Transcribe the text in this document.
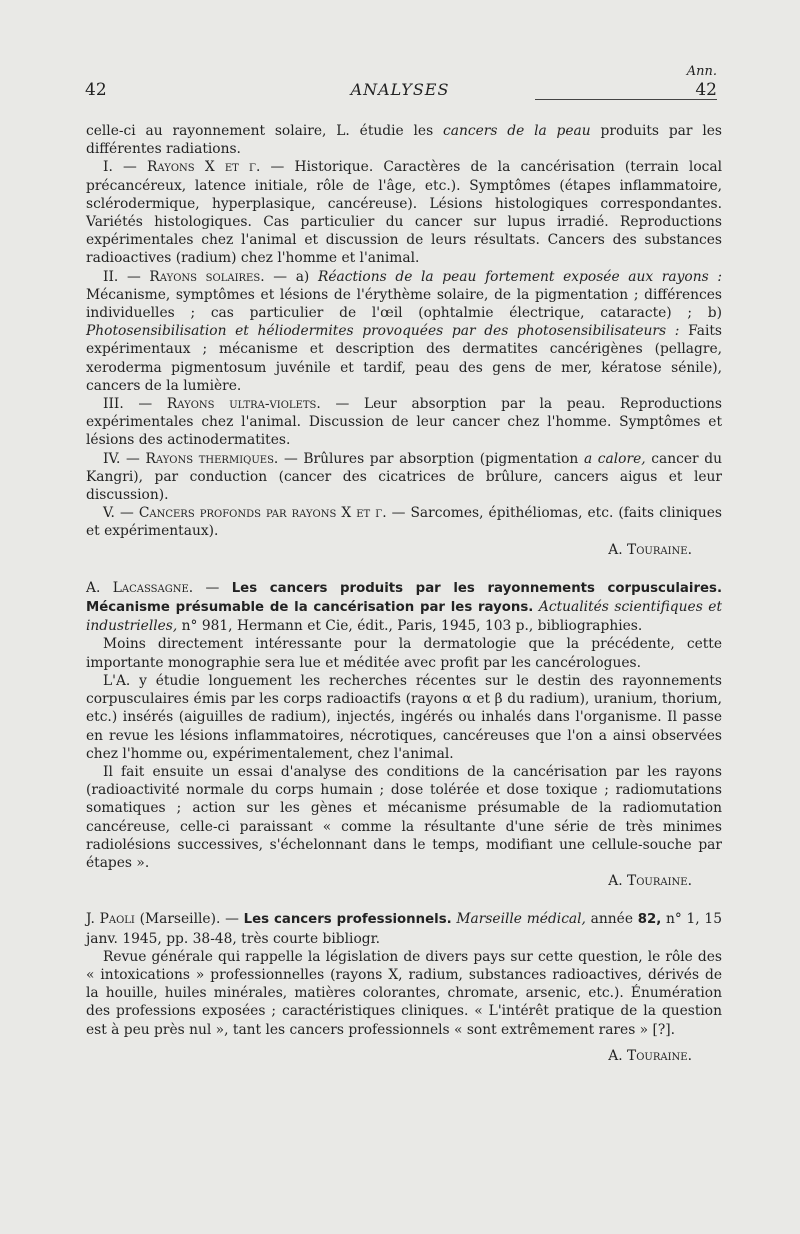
42	ANALYSES
Ann.
42

celle-ci au rayonnement solaire, L. étudie les cancers de la peau produits par les différentes radiations.

I. — Rayons X et γ. — Historique. Caractères de la cancérisation (terrain local précancéreux, latence initiale, rôle de l'âge, etc.). Symptômes (étapes inflammatoire, sclérodermique, hyperplasique, cancéreuse). Lésions histologiques correspondantes. Variétés histologiques. Cas particulier du cancer sur lupus irradié. Reproductions expérimentales chez l'animal et discussion de leurs résultats. Cancers des substances radioactives (radium) chez l'homme et l'animal.

II. — Rayons solaires. — a) Réactions de la peau fortement exposée aux rayons : Mécanisme, symptômes et lésions de l'érythème solaire, de la pigmentation ; différences individuelles ; cas particulier de l'œil (ophtalmie électrique, cataracte) ; b) Photosensibilisation et héliodermites provoquées par des photosensibilisateurs : Faits expérimentaux ; mécanisme et description des dermatites cancérigènes (pellagre, xeroderma pigmentosum juvénile et tardif, peau des gens de mer, kératose sénile), cancers de la lumière.

III. — Rayons ultra-violets. — Leur absorption par la peau. Reproductions expérimentales chez l'animal. Discussion de leur cancer chez l'homme. Symptômes et lésions des actinodermatites.

IV. — Rayons thermiques. — Brûlures par absorption (pigmentation a calore, cancer du Kangri), par conduction (cancer des cicatrices de brûlure, cancers aigus et leur discussion).

V. — Cancers profonds par rayons X et γ. — Sarcomes, épithéliomas, etc. (faits cliniques et expérimentaux).

A. Touraine.

A. Lacassagne. — Les cancers produits par les rayonnements corpusculaires. Mécanisme présumable de la cancérisation par les rayons. Actualités scientifiques et industrielles, n° 981, Hermann et Cie, édit., Paris, 1945, 103 p., bibliographies.

Moins directement intéressante pour la dermatologie que la précédente, cette importante monographie sera lue et méditée avec profit par les cancérologues.

L'A. y étudie longuement les recherches récentes sur le destin des rayonnements corpusculaires émis par les corps radioactifs (rayons α et β du radium), uranium, thorium, etc.) insérés (aiguilles de radium), injectés, ingérés ou inhalés dans l'organisme. Il passe en revue les lésions inflammatoires, nécrotiques, cancéreuses que l'on a ainsi observées chez l'homme ou, expérimentalement, chez l'animal.

Il fait ensuite un essai d'analyse des conditions de la cancérisation par les rayons (radioactivité normale du corps humain ; dose tolérée et dose toxique ; radiomutations somatiques ; action sur les gènes et mécanisme présumable de la radiomutation cancéreuse, celle-ci paraissant « comme la résultante d'une série de très minimes radiolésions successives, s'échelonnant dans le temps, modifiant une cellule-souche par étapes ».

A. Touraine.

J. Paoli (Marseille). — Les cancers professionnels. Marseille médical, année 82, n° 1, 15 janv. 1945, pp. 38-48, très courte bibliogr.

Revue générale qui rappelle la législation de divers pays sur cette question, le rôle des « intoxications » professionnelles (rayons X, radium, substances radioactives, dérivés de la houille, huiles minérales, matières colorantes, chromate, arsenic, etc.). Énumération des professions exposées ; caractéristiques cliniques. « L'intérêt pratique de la question est à peu près nul », tant les cancers professionnels « sont extrêmement rares » [?].

A. Touraine.
